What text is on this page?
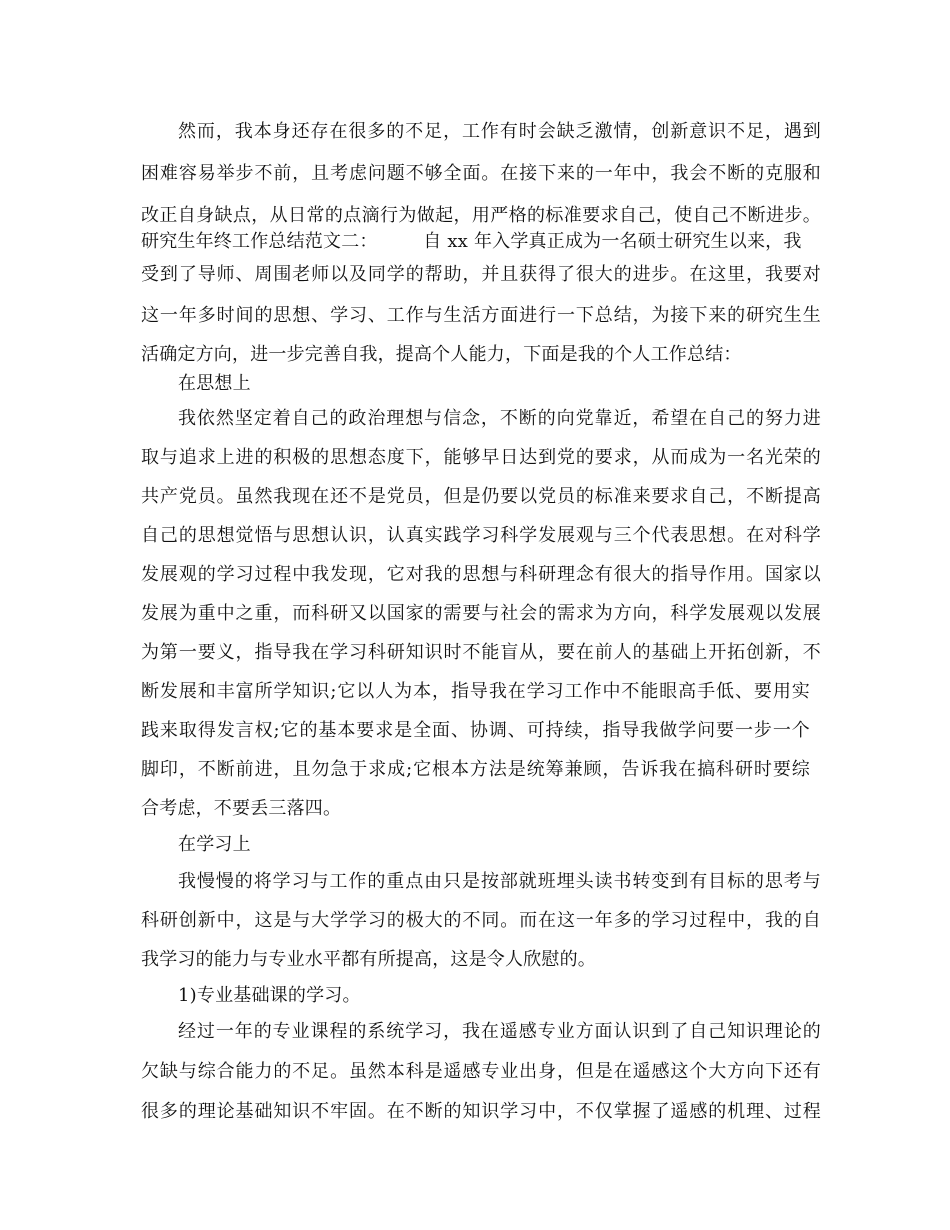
然而，我本身还存在很多的不足，工作有时会缺乏激情，创新意识不足，遇到
困难容易举步不前，且考虑问题不够全面。在接下来的一年中，我会不断的克服和
改正自身缺点，从日常的点滴行为做起，用严格的标准要求自己，使自己不断进步。
研究生年终工作总结范文二：　　　自 xx 年入学真正成为一名硕士研究生以来，我
受到了导师、周围老师以及同学的帮助，并且获得了很大的进步。在这里，我要对
这一年多时间的思想、学习、工作与生活方面进行一下总结，为接下来的研究生生
活确定方向，进一步完善自我，提高个人能力，下面是我的个人工作总结：
在思想上
我依然坚定着自己的政治理想与信念，不断的向党靠近，希望在自己的努力进
取与追求上进的积极的思想态度下，能够早日达到党的要求，从而成为一名光荣的
共产党员。虽然我现在还不是党员，但是仍要以党员的标准来要求自己，不断提高
自己的思想觉悟与思想认识，认真实践学习科学发展观与三个代表思想。在对科学
发展观的学习过程中我发现，它对我的思想与科研理念有很大的指导作用。国家以
发展为重中之重，而科研又以国家的需要与社会的需求为方向，科学发展观以发展
为第一要义，指导我在学习科研知识时不能盲从，要在前人的基础上开拓创新，不
断发展和丰富所学知识;它以人为本，指导我在学习工作中不能眼高手低、要用实
践来取得发言权;它的基本要求是全面、协调、可持续，指导我做学问要一步一个
脚印，不断前进，且勿急于求成;它根本方法是统筹兼顾，告诉我在搞科研时要综
合考虑，不要丢三落四。
在学习上
我慢慢的将学习与工作的重点由只是按部就班埋头读书转变到有目标的思考与
科研创新中，这是与大学学习的极大的不同。而在这一年多的学习过程中，我的自
我学习的能力与专业水平都有所提高，这是令人欣慰的。
1)专业基础课的学习。
经过一年的专业课程的系统学习，我在遥感专业方面认识到了自己知识理论的
欠缺与综合能力的不足。虽然本科是遥感专业出身，但是在遥感这个大方向下还有
很多的理论基础知识不牢固。在不断的知识学习中，不仅掌握了遥感的机理、过程
